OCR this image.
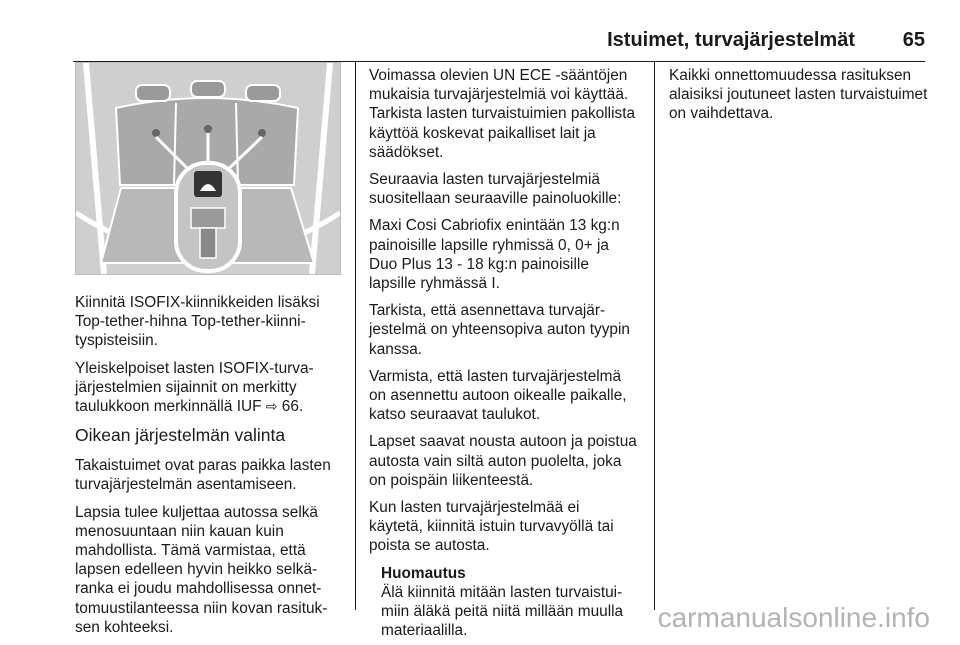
Istuimet, turvajärjestelmät 65

Kiinnitä ISOFIX-kiinnikkeiden lisäksi Top-tether-hihna Top-tether-kiinnityspisteisiin.

Yleiskelpoiset lasten ISOFIX-turvajärjestelmien sijainnit on merkitty taulukkoon merkinnällä IUF ⇨ 66.

Oikean järjestelmän valinta

Takaistuimet ovat paras paikka lasten turvajärjestelmän asentamiseen.

Lapsia tulee kuljettaa autossa selkä menosuuntaan niin kauan kuin mahdollista. Tämä varmistaa, että lapsen edelleen hyvin heikko selkäranka ei joudu mahdollisessa onnettomuustilanteessa niin kovan rasituksen kohteeksi.

Voimassa olevien UN ECE -sääntöjen mukaisia turvajärjestelmiä voi käyttää. Tarkista lasten turvaistuimien pakollista käyttöä koskevat paikalliset lait ja säädökset.

Seuraavia lasten turvajärjestelmiä suositellaan seuraaville painoluokille:

Maxi Cosi Cabriofix enintään 13 kg:n painoisille lapsille ryhmissä 0, 0+ ja Duo Plus 13 - 18 kg:n painoisille lapsille ryhmässä I.

Tarkista, että asennettava turvajärjestelmä on yhteensopiva auton tyypin kanssa.

Varmista, että lasten turvajärjestelmä on asennettu autoon oikealle paikalle, katso seuraavat taulukot.

Lapset saavat nousta autoon ja poistua autosta vain siltä auton puolelta, joka on poispäin liikenteestä.

Kun lasten turvajärjestelmää ei käytetä, kiinnitä istuin turvavyöllä tai poista se autosta.

Huomautus
Älä kiinnitä mitään lasten turvaistuimiin äläkä peitä niitä millään muulla materiaalilla.

Kaikki onnettomuudessa rasituksen alaisiksi joutuneet lasten turvaistuimet on vaihdettava.

carmanualsonline.info
